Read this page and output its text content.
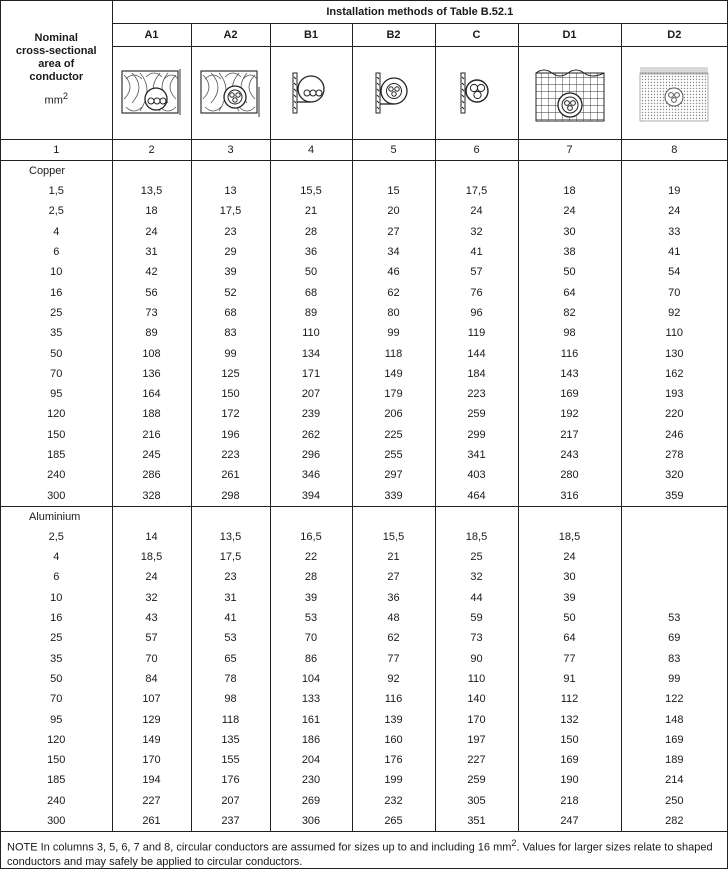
Nominal
cross-sectional
area of
conductor
$mm^2$	Installation methods of Table B.52.1						
	A1	A2	B1	B2	C	D1	D2

1	2	3	4	5	6	7	8
Copper							
1,5	13,5	13	15,5	15	17,5	18	19
2,5	18	17,5	21	20	24	24	24
4	24	23	28	27	32	30	33
6	31	29	36	34	41	38	41
10	42	39	50	46	57	50	54
16	56	52	68	62	76	64	70
25	73	68	89	80	96	82	92
35	89	83	110	99	119	98	110
50	108	99	134	118	144	116	130
70	136	125	171	149	184	143	162
95	164	150	207	179	223	169	193
120	188	172	239	206	259	192	220
150	216	196	262	225	299	217	246
185	245	223	296	255	341	243	278
240	286	261	346	297	403	280	320
300	328	298	394	339	464	316	359
Aluminium							
2,5	14	13,5	16,5	15,5	18,5	18,5	
4	18,5	17,5	22	21	25	24	
6	24	23	28	27	32	30	
10	32	31	39	36	44	39	
16	43	41	53	48	59	50	53
25	57	53	70	62	73	64	69
35	70	65	86	77	90	77	83
50	84	78	104	92	110	91	99
70	107	98	133	116	140	112	122
95	129	118	161	139	170	132	148
120	149	135	186	160	197	150	169
150	170	155	204	176	227	169	189
185	194	176	230	199	259	190	214
240	227	207	269	232	305	218	250
300	261	237	306	265	351	247	282
NOTE In columns 3, 5, 6, 7 and 8, circular conductors are assumed for sizes up to and including 16 $mm^2$. Values for larger sizes relate to shaped conductors and may safely be applied to circular conductors.							
